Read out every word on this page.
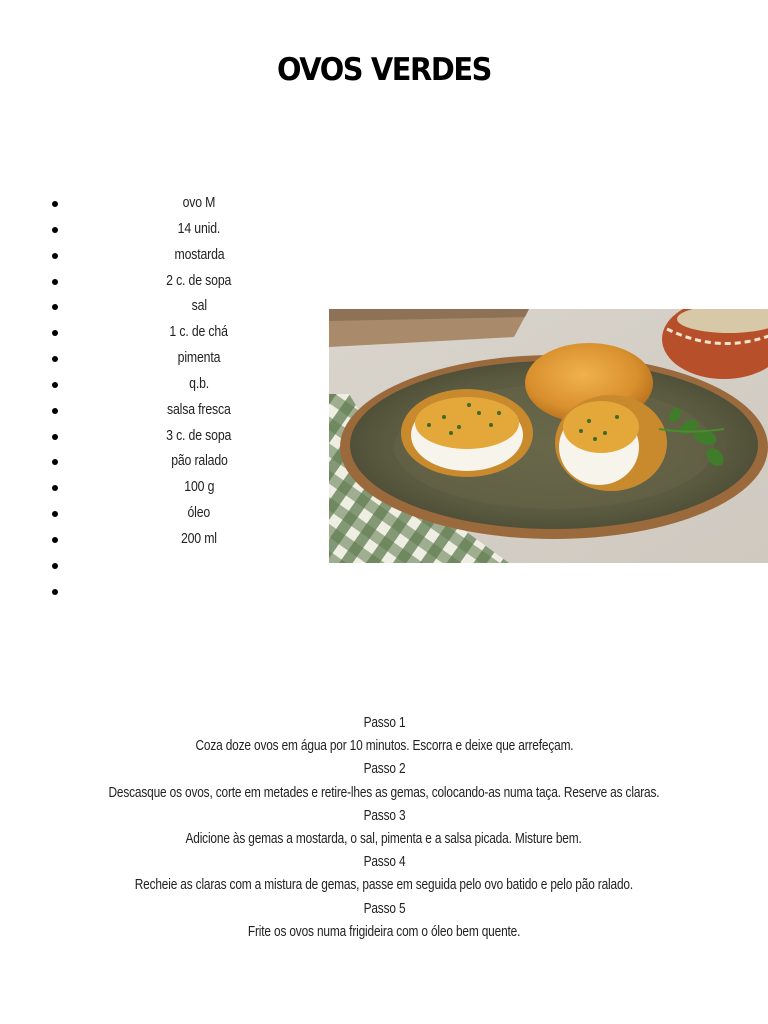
OVOS VERDES
ovo M
14 unid.
mostarda
2 c. de sopa
sal
1 c. de chá
pimenta
q.b.
salsa fresca
3 c. de sopa
pão ralado
100 g
óleo
200 ml
Passo 1
Coza doze ovos em água por 10 minutos. Escorra e deixe que arrefeçam.
Passo 2
Descasque os ovos, corte em metades e retire-lhes as gemas, colocando-as numa taça. Reserve as claras.
Passo 3
Adicione às gemas a mostarda, o sal, pimenta e a salsa picada. Misture bem.
Passo 4
Recheie as claras com a mistura de gemas, passe em seguida pelo ovo batido e pelo pão ralado.
Passo 5
Frite os ovos numa frigideira com o óleo bem quente.
